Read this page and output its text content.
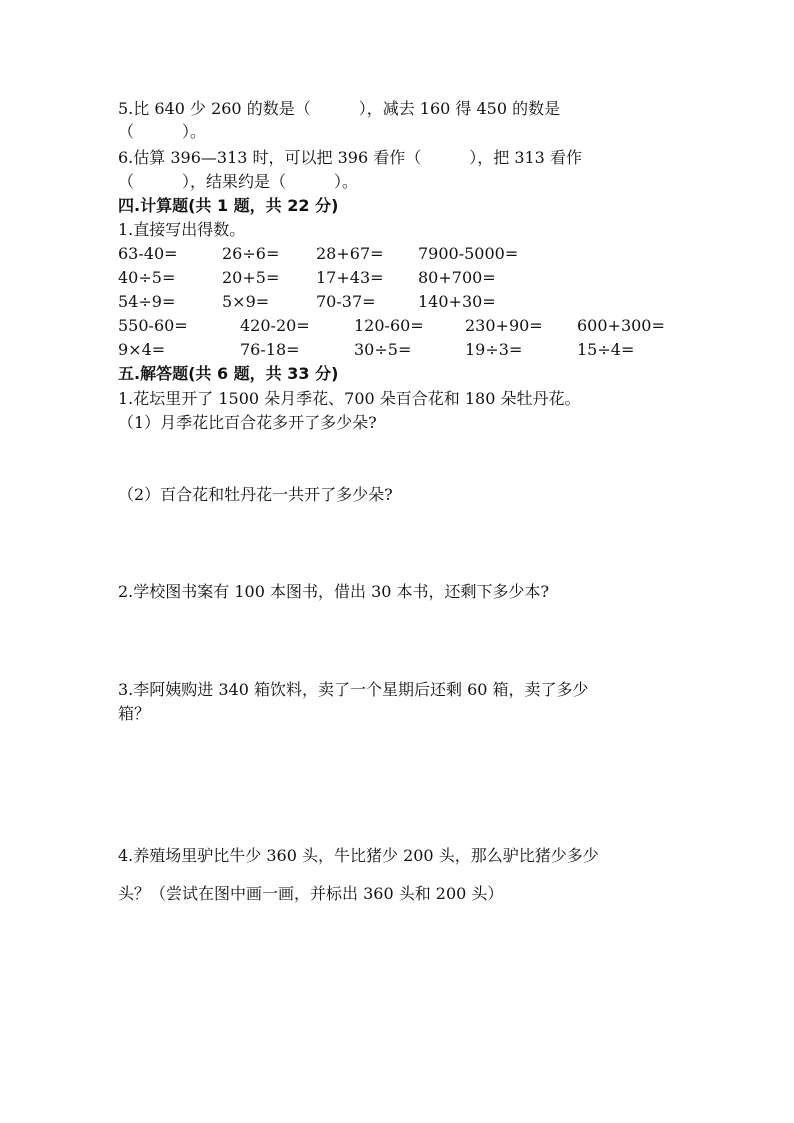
5.比 640 少 260 的数是（　　　），减去 160 得 450 的数是
（　　　）。
6.估算 396—313 时，可以把 396 看作（　　　），把 313 看作
（　　　），结果约是（　　　）。
四.计算题(共 1 题，共 22 分)
1.直接写出得数。
63-40=	26÷6= 28+67= 7900-5000=
40÷5=	20+5= 17+43= 80+700=
54÷9=	5×9=	70-37=	140+30=
550-60=	420-20=	120-60=	230+90= 600+300=
9×4=	76-18=	30÷5=	19÷3=	15÷4=
五.解答题(共 6 题，共 33 分)
1.花坛里开了 1500 朵月季花、700 朵百合花和 180 朵牡丹花。
（1）月季花比百合花多开了多少朵?
（2）百合花和牡丹花一共开了多少朵?
2.学校图书案有 100 本图书，借出 30 本书，还剩下多少本?
3.李阿姨购进 340 箱饮料，卖了一个星期后还剩 60 箱，卖了多少
箱？
4.养殖场里驴比牛少 360 头，牛比猪少 200 头，那么驴比猪少多少
头？（尝试在图中画一画，并标出 360 头和 200 头）
